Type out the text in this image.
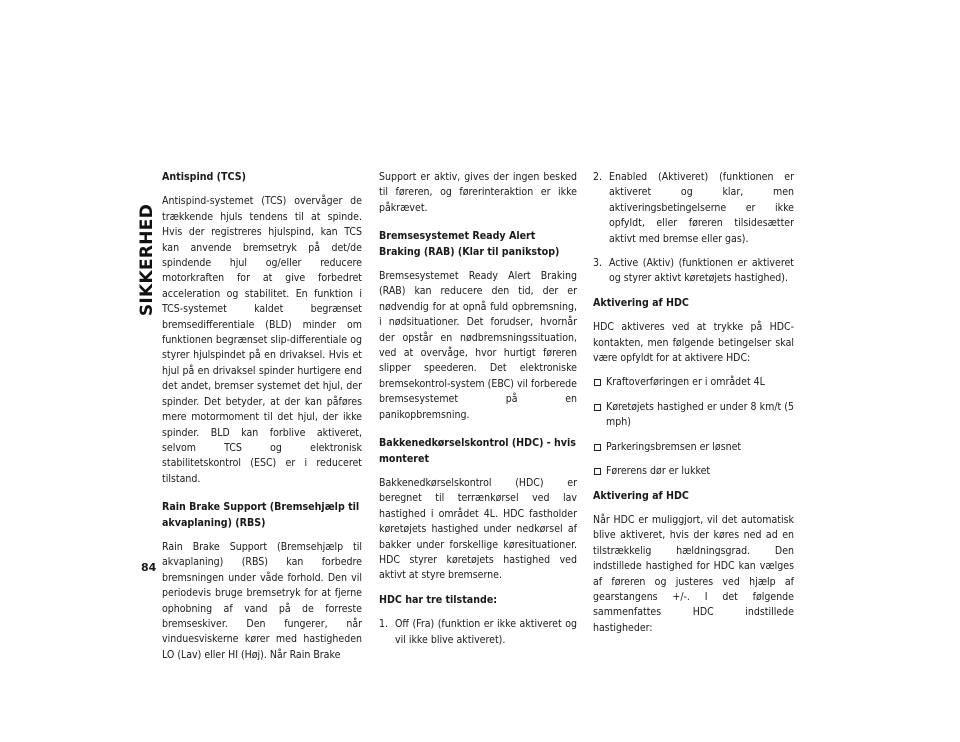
SIKKERHED
84
Antispind (TCS)

Antispind-systemet (TCS) overvåger de trækkende hjuls tendens til at spinde. Hvis der registreres hjulspind, kan TCS kan anvende bremsetryk på det/de spindende hjul og/eller reducere motorkraften for at give forbedret acceleration og stabilitet. En funktion i TCS-systemet kaldet begrænset bremsedifferentiale (BLD) minder om funktionen begrænset slip-differentiale og styrer hjulspindet på en drivaksel. Hvis et hjul på en drivaksel spinder hurtigere end det andet, bremser systemet det hjul, der spinder. Det betyder, at der kan påføres mere motormoment til det hjul, der ikke spinder. BLD kan forblive aktiveret, selvom TCS og elektronisk stabilitetskontrol (ESC) er i reduceret tilstand.

Rain Brake Support (Bremsehjælp til akvaplaning) (RBS)

Rain Brake Support (Bremsehjælp til akvaplaning) (RBS) kan forbedre bremsningen under våde forhold. Den vil periodevis bruge bremsetryk for at fjerne ophobning af vand på de forreste bremseskiver. Den fungerer, når vinduesviskerne kører med hastigheden LO (Lav) eller HI (Høj). Når Rain Brake

Support er aktiv, gives der ingen besked til føreren, og førerinteraktion er ikke påkrævet.

Bremsesystemet Ready Alert Braking (RAB) (Klar til panikstop)

Bremsesystemet Ready Alert Braking (RAB) kan reducere den tid, der er nødvendig for at opnå fuld opbremsning, i nødsituationer. Det forudser, hvornår der opstår en nødbremsningssituation, ved at overvåge, hvor hurtigt føreren slipper speederen. Det elektroniske bremsekontrol-system (EBC) vil forberede bremsesystemet på en panikopbremsning.

Bakkenedkørselskontrol (HDC) - hvis monteret

Bakkenedkørselskontrol (HDC) er beregnet til terrænkørsel ved lav hastighed i området 4L. HDC fastholder køretøjets hastighed under nedkørsel af bakker under forskellige køresituationer. HDC styrer køretøjets hastighed ved aktivt at styre bremserne.

HDC har tre tilstande:
1. Off (Fra) (funktion er ikke aktiveret og vil ikke blive aktiveret).
2. Enabled (Aktiveret) (funktionen er aktiveret og klar, men aktiveringsbetingelserne er ikke opfyldt, eller føreren tilsidesætter aktivt med bremse eller gas).
3. Active (Aktiv) (funktionen er aktiveret og styrer aktivt køretøjets hastighed).
Aktivering af HDC

HDC aktiveres ved at trykke på HDC-kontakten, men følgende betingelser skal være opfyldt for at aktivere HDC:

Kraftoverføringen er i området 4L
Køretøjets hastighed er under 8 km/t (5 mph)
Parkeringsbremsen er løsnet
Førerens dør er lukket
Aktivering af HDC

Når HDC er muliggjort, vil det automatisk blive aktiveret, hvis der køres ned ad en tilstrækkelig hældningsgrad. Den indstillede hastighed for HDC kan vælges af føreren og justeres ved hjælp af gearstangens +/-. I det følgende sammenfattes HDC indstillede hastigheder:
